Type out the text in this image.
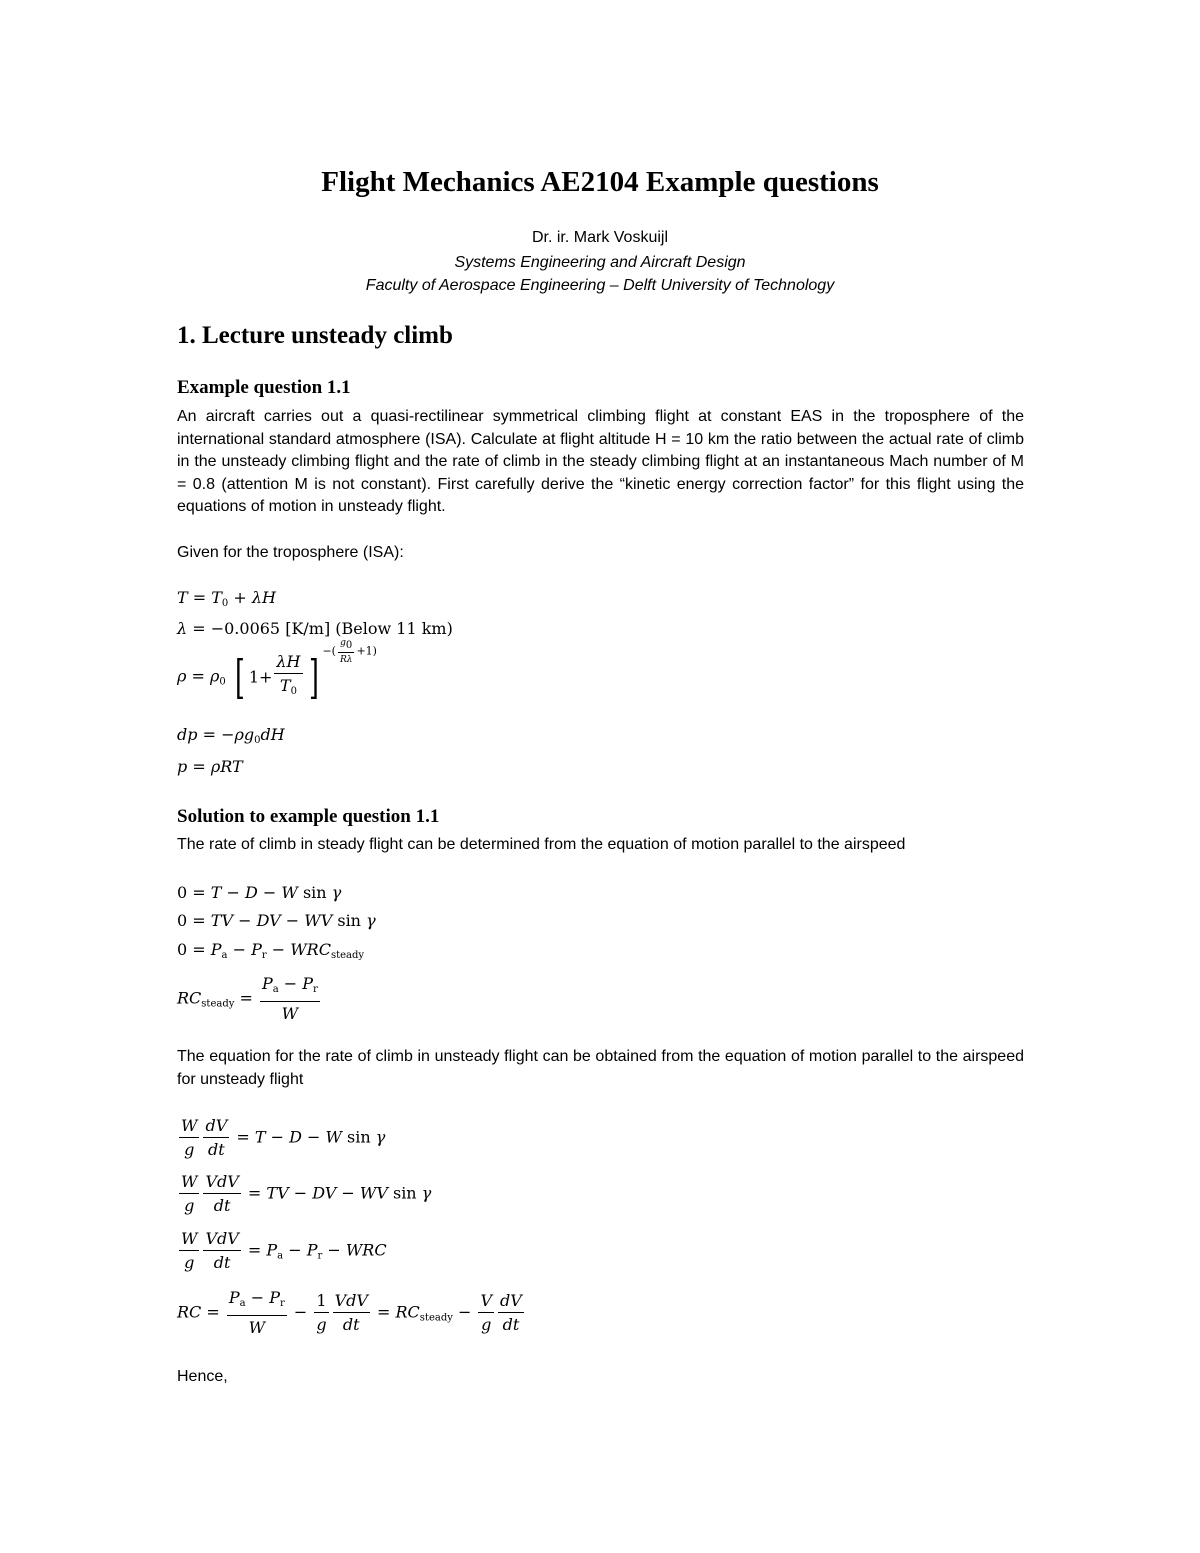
Flight Mechanics AE2104 Example questions
Dr. ir. Mark Voskuijl
Systems Engineering and Aircraft Design
Faculty of Aerospace Engineering – Delft University of Technology
1. Lecture unsteady climb
Example question 1.1
An aircraft carries out a quasi-rectilinear symmetrical climbing flight at constant EAS in the troposphere of the international standard atmosphere (ISA). Calculate at flight altitude H = 10 km the ratio between the actual rate of climb in the unsteady climbing flight and the rate of climb in the steady climbing flight at an instantaneous Mach number of M = 0.8 (attention M is not constant). First carefully derive the “kinetic energy correction factor” for this flight using the equations of motion in unsteady flight.
Given for the troposphere (ISA):
$T = T_0 + \lambda H$
λ = −0.0065 [K/m] (Below 11 km)
$\rho = \rho_0$ [ $1+ \frac{\lambda H}{T_0}$ ] −( $\frac{g_0}{R\lambda} +1$)
dp = $-\rho g_0dH$
p = ρRT
Solution to example question 1.1
The rate of climb in steady flight can be determined from the equation of motion parallel to the airspeed
0 = T − D − W sin γ
0 = TV − DV − WV sin γ
$0 = P_a - P_r - WRC_{steady}$
$RC_{steady} = \frac{P_a - P_r}{W}$
The equation for the rate of climb in unsteady flight can be obtained from the equation of motion parallel to the airspeed for unsteady flight
$\frac{W}{g} \frac{dV}{dt} = T - D - W$ sin γ
$\frac{W}{g} \frac{\text{VdV}}{dt}$ = TV − DV − WV sin γ
$\frac{W}{g} \frac{\text{VdV}}{dt} = P_a - P_r$ − WRC
RC = $\frac{P_a - P_r}{W} - \frac{1}{g} \frac{\text{VdV}}{dt} = RC_{steady} - \frac{V}{g} \frac{dV}{dt}$
Hence,
